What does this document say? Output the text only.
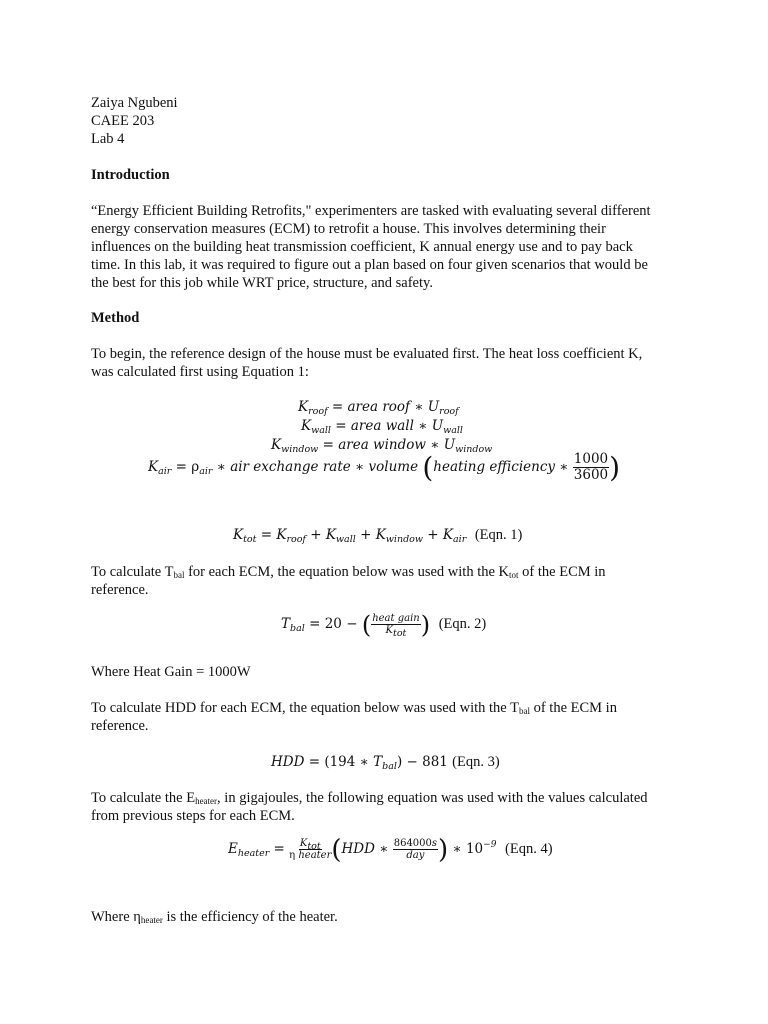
Zaiya Ngubeni
CAEE 203
Lab 4
Introduction
“Energy Efficient Building Retrofits," experimenters are tasked with evaluating several different
energy conservation measures (ECM) to retrofit a house. This involves determining their
influences on the building heat transmission coefficient, K annual energy use and to pay back
time. In this lab, it was required to figure out a plan based on four given scenarios that would be
the best for this job while WRT price, structure, and safety.
Method
To begin, the reference design of the house must be evaluated first. The heat loss coefficient K,
was calculated first using Equation 1:
$K_{roof}$ = area roof ∗ $U_{roof}$
$K_{wall}$ = area wall ∗ $U_{wall}$
$K_{window}$ = area window ∗ $U_{window}$
$K_{air} = \rho_{air}$ ∗ air exchange rate ∗ volume (heating efficiency ∗ $\frac{1000}{3600}$ )
$K_{tot} = K_{roof} + K_{wall} + K_{window} + K_{air}$ (Eqn. 1)
To calculate Tbal for each ECM, the equation below was used with the Ktot of the ECM in
reference.
$T_{bal} = 20$ − ( $\frac{\text{heat gain}}{K_{tot}}$ ) (Eqn. 2)
Where Heat Gain = 1000W
To calculate HDD for each ECM, the equation below was used with the Tbal of the ECM in
reference.
HDD = (194 ∗ $T_{bal}) - 881$ (Eqn. 3)
To calculate the Eheater, in gigajoules, the following equation was used with the values calculated
from previous steps for each ECM.
$E_{heater} = \frac{K_{tot}}{\text{η heater}} (HDD$ ∗ $\frac{864000s}{\text{day}}$ ) ∗ $10^{-9}$ (Eqn. 4)
Where ηheater is the efficiency of the heater.
